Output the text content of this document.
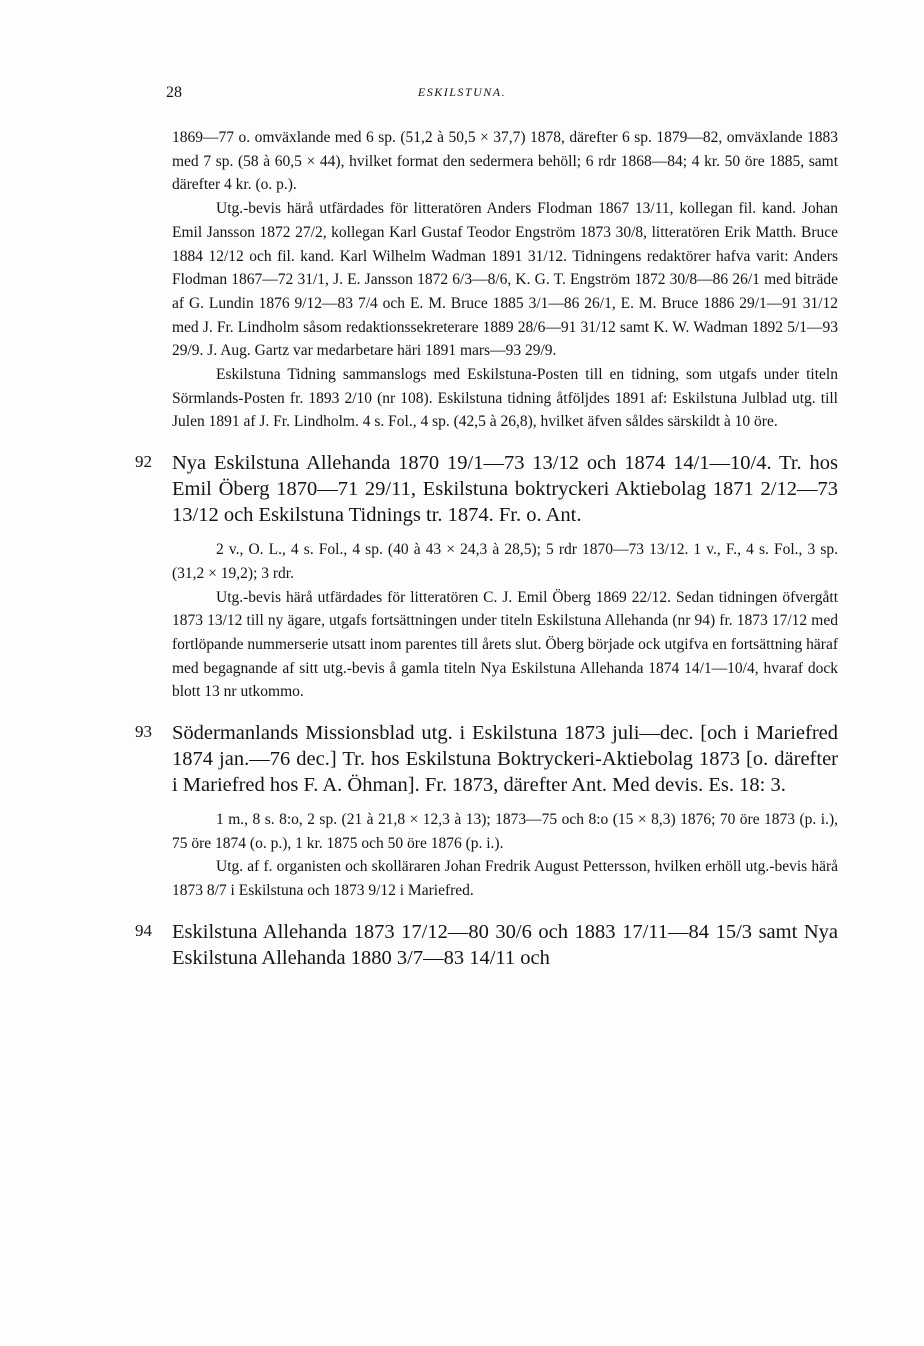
28	ESKILSTUNA.

1869—77 o. omväxlande med 6 sp. (51,2 à 50,5 × 37,7) 1878, därefter 6 sp. 1879—82, omväxlande 1883 med 7 sp. (58 à 60,5 × 44), hvilket format den sedermera behöll; 6 rdr 1868—84; 4 kr. 50 öre 1885, samt därefter 4 kr. (o. p.).

Utg.-bevis härå utfärdades för litteratören Anders Flodman 1867 13/11, kollegan fil. kand. Johan Emil Jansson 1872 27/2, kollegan Karl Gustaf Teodor Engström 1873 30/8, litteratören Erik Matth. Bruce 1884 12/12 och fil. kand. Karl Wilhelm Wadman 1891 31/12. Tidningens redaktörer hafva varit: Anders Flodman 1867—72 31/1, J. E. Jansson 1872 6/3—8/6, K. G. T. Engström 1872 30/8—86 26/1 med biträde af G. Lundin 1876 9/12—83 7/4 och E. M. Bruce 1885 3/1—86 26/1, E. M. Bruce 1886 29/1—91 31/12 med J. Fr. Lindholm såsom redaktionssekreterare 1889 28/6—91 31/12 samt K. W. Wadman 1892 5/1—93 29/9. J. Aug. Gartz var medarbetare häri 1891 mars—93 29/9.

Eskilstuna Tidning sammanslogs med Eskilstuna-Posten till en tidning, som utgafs under titeln Sörmlands-Posten fr. 1893 2/10 (nr 108). Eskilstuna tidning åtföljdes 1891 af: Eskilstuna Julblad utg. till Julen 1891 af J. Fr. Lindholm. 4 s. Fol., 4 sp. (42,5 à 26,8), hvilket äfven såldes särskildt à 10 öre.

92 Nya Eskilstuna Allehanda 1870 19/1—73 13/12 och 1874 14/1—10/4. Tr. hos Emil Öberg 1870—71 29/11, Eskilstuna boktryckeri Aktiebolag 1871 2/12—73 13/12 och Eskilstuna Tidnings tr. 1874. Fr. o. Ant.

2 v., O. L., 4 s. Fol., 4 sp. (40 à 43 × 24,3 à 28,5); 5 rdr 1870—73 13/12. 1 v., F., 4 s. Fol., 3 sp. (31,2 × 19,2); 3 rdr.

Utg.-bevis härå utfärdades för litteratören C. J. Emil Öberg 1869 22/12. Sedan tidningen öfvergått 1873 13/12 till ny ägare, utgafs fortsättningen under titeln Eskilstuna Allehanda (nr 94) fr. 1873 17/12 med fortlöpande nummerserie utsatt inom parentes till årets slut. Öberg började ock utgifva en fortsättning häraf med begagnande af sitt utg.-bevis å gamla titeln Nya Eskilstuna Allehanda 1874 14/1—10/4, hvaraf dock blott 13 nr utkommo.

93 Södermanlands Missionsblad utg. i Eskilstuna 1873 juli—dec. [och i Mariefred 1874 jan.—76 dec.] Tr. hos Eskilstuna Boktryckeri-Aktiebolag 1873 [o. därefter i Mariefred hos F. A. Öhman]. Fr. 1873, därefter Ant. Med devis. Es. 18: 3.

1 m., 8 s. 8:o, 2 sp. (21 à 21,8 × 12,3 à 13); 1873—75 och 8:o (15 × 8,3) 1876; 70 öre 1873 (p. i.), 75 öre 1874 (o. p.), 1 kr. 1875 och 50 öre 1876 (p. i.).

Utg. af f. organisten och skolläraren Johan Fredrik August Pettersson, hvilken erhöll utg.-bevis härå 1873 8/7 i Eskilstuna och 1873 9/12 i Mariefred.

94 Eskilstuna Allehanda 1873 17/12—80 30/6 och 1883 17/11—84 15/3 samt Nya Eskilstuna Allehanda 1880 3/7—83 14/11 och
